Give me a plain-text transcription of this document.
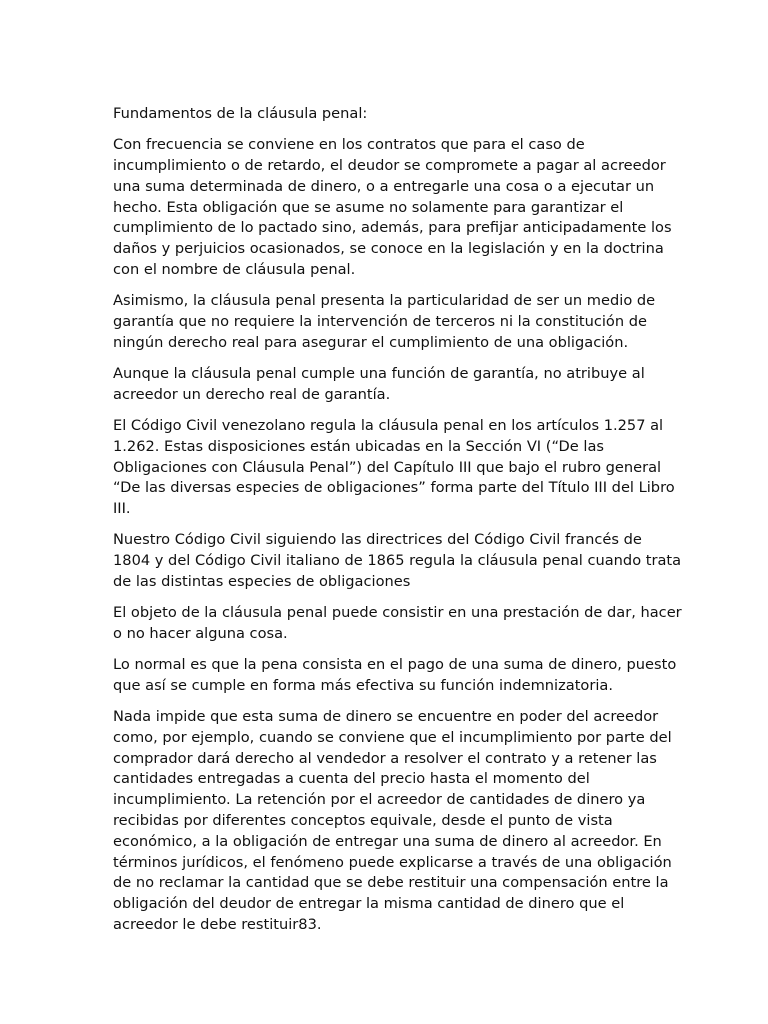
Fundamentos de la cláusula penal:

Con frecuencia se conviene en los contratos que para el caso de incumplimiento o de retardo, el deudor se compromete a pagar al acreedor una suma determinada de dinero, o a entregarle una cosa o a ejecutar un hecho. Esta obligación que se asume no solamente para garantizar el cumplimiento de lo pactado sino, además, para prefijar anticipadamente los daños y perjuicios ocasionados, se conoce en la legislación y en la doctrina con el nombre de cláusula penal.

Asimismo, la cláusula penal presenta la particularidad de ser un medio de garantía que no requiere la intervención de terceros ni la constitución de ningún derecho real para asegurar el cumplimiento de una obligación.

Aunque la cláusula penal cumple una función de garantía, no atribuye al acreedor un derecho real de garantía.

El Código Civil venezolano regula la cláusula penal en los artículos 1.257 al 1.262. Estas disposiciones están ubicadas en la Sección VI (“De las Obligaciones con Cláusula Penal”) del Capítulo III que bajo el rubro general “De las diversas especies de obligaciones” forma parte del Título III del Libro III.

Nuestro Código Civil siguiendo las directrices del Código Civil francés de 1804 y del Código Civil italiano de 1865 regula la cláusula penal cuando trata de las distintas especies de obligaciones

El objeto de la cláusula penal puede consistir en una prestación de dar, hacer o no hacer alguna cosa.

Lo normal es que la pena consista en el pago de una suma de dinero, puesto que así se cumple en forma más efectiva su función indemnizatoria.

Nada impide que esta suma de dinero se encuentre en poder del acreedor como, por ejemplo, cuando se conviene que el incumplimiento por parte del comprador dará derecho al vendedor a resolver el contrato y a retener las cantidades entregadas a cuenta del precio hasta el momento del incumplimiento. La retención por el acreedor de cantidades de dinero ya recibidas por diferentes conceptos equivale, desde el punto de vista económico, a la obligación de entregar una suma de dinero al acreedor. En términos jurídicos, el fenómeno puede explicarse a través de una obligación de no reclamar la cantidad que se debe restituir una compensación entre la obligación del deudor de entregar la misma cantidad de dinero que el acreedor le debe restituir83.
